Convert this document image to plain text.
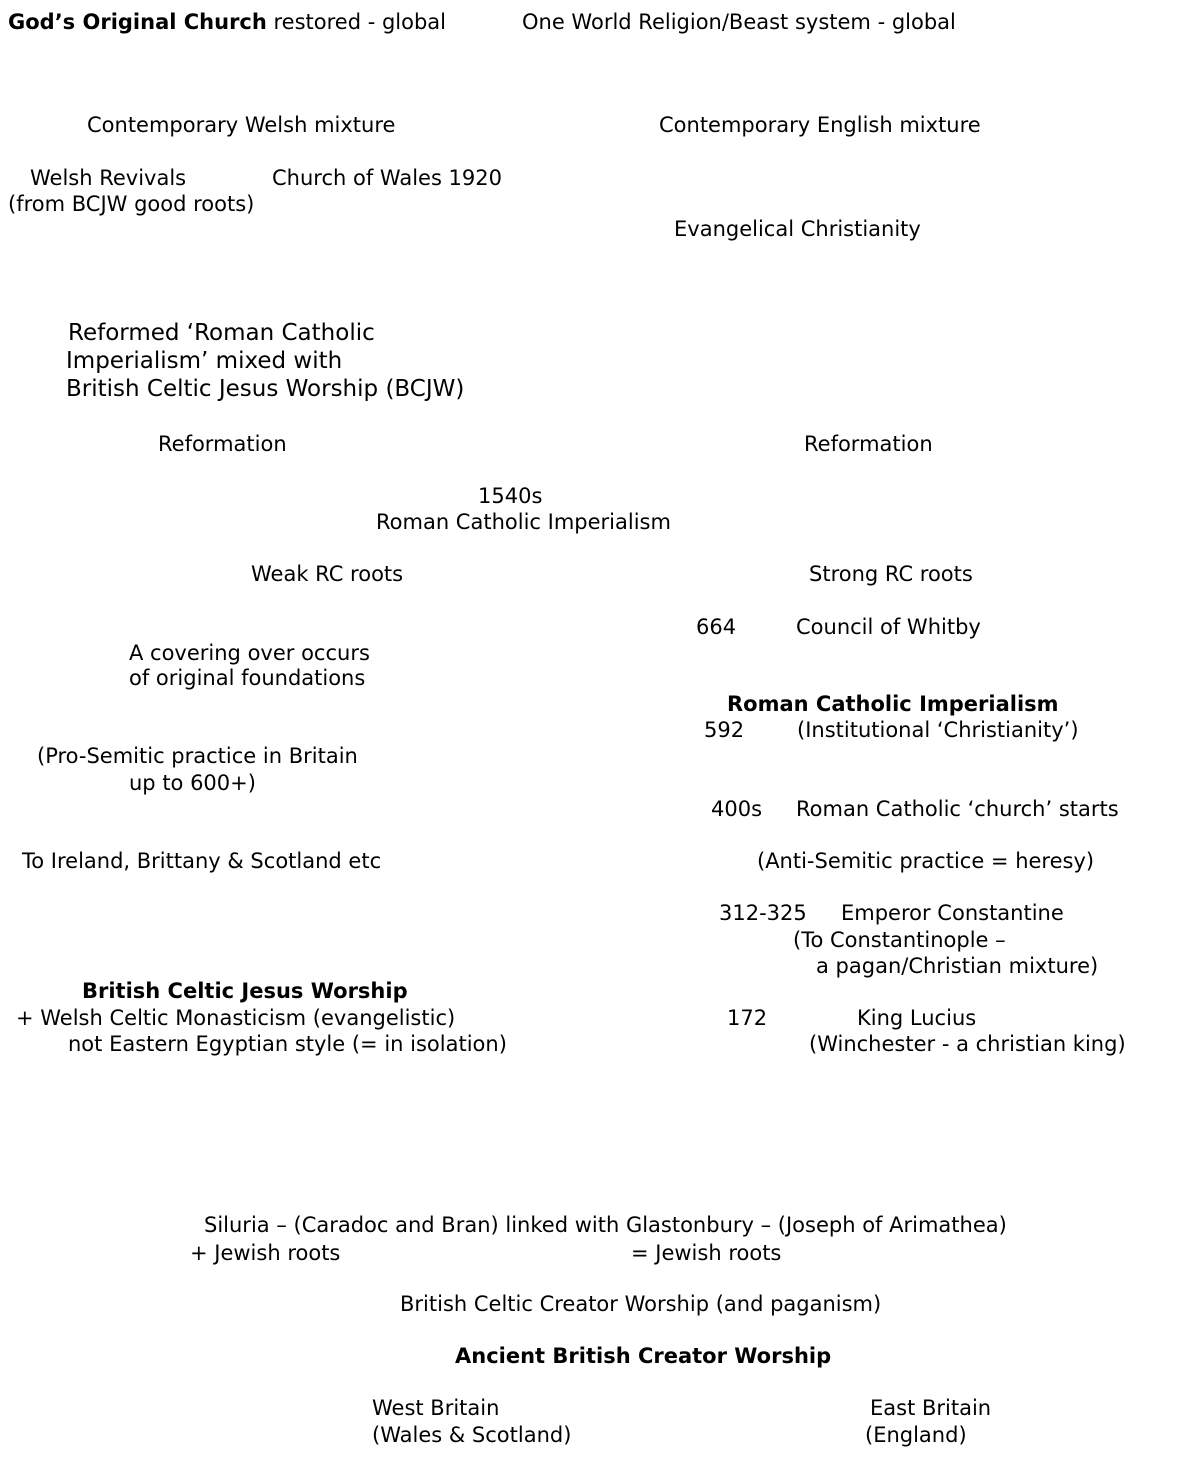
God’s Original Church restored - global	One World Religion/Beast system - global
Contemporary Welsh mixture	Contemporary English mixture
Welsh Revivals
(from BCJW good roots)
Church of Wales 1920
Evangelical Christianity
Reformed ‘Roman Catholic
Imperialism’ mixed with
British Celtic Jesus Worship (BCJW)
Reformation	Reformation
1540s
Roman Catholic Imperialism
Weak RC roots	Strong RC roots
664	Council of Whitby
A covering over occurs
of original foundations
Roman Catholic Imperialism
592	(Institutional ‘Christianity’)
(Pro-Semitic practice in Britain
up to 600+)
400s Roman Catholic ‘church’ starts
To Ireland, Brittany & Scotland etc	(Anti-Semitic practice = heresy)
312-325 Emperor Constantine
(To Constantinople –
a pagan/Christian mixture)
British Celtic Jesus Worship
+ Welsh Celtic Monasticism (evangelistic)
not Eastern Egyptian style (= in isolation)
172	King Lucius
(Winchester - a christian king)
Siluria – (Caradoc and Bran) linked with Glastonbury – (Joseph of Arimathea)
+ Jewish roots	= Jewish roots
British Celtic Creator Worship (and paganism)
Ancient British Creator Worship
West Britain
(Wales & Scotland)
East Britain
(England)
